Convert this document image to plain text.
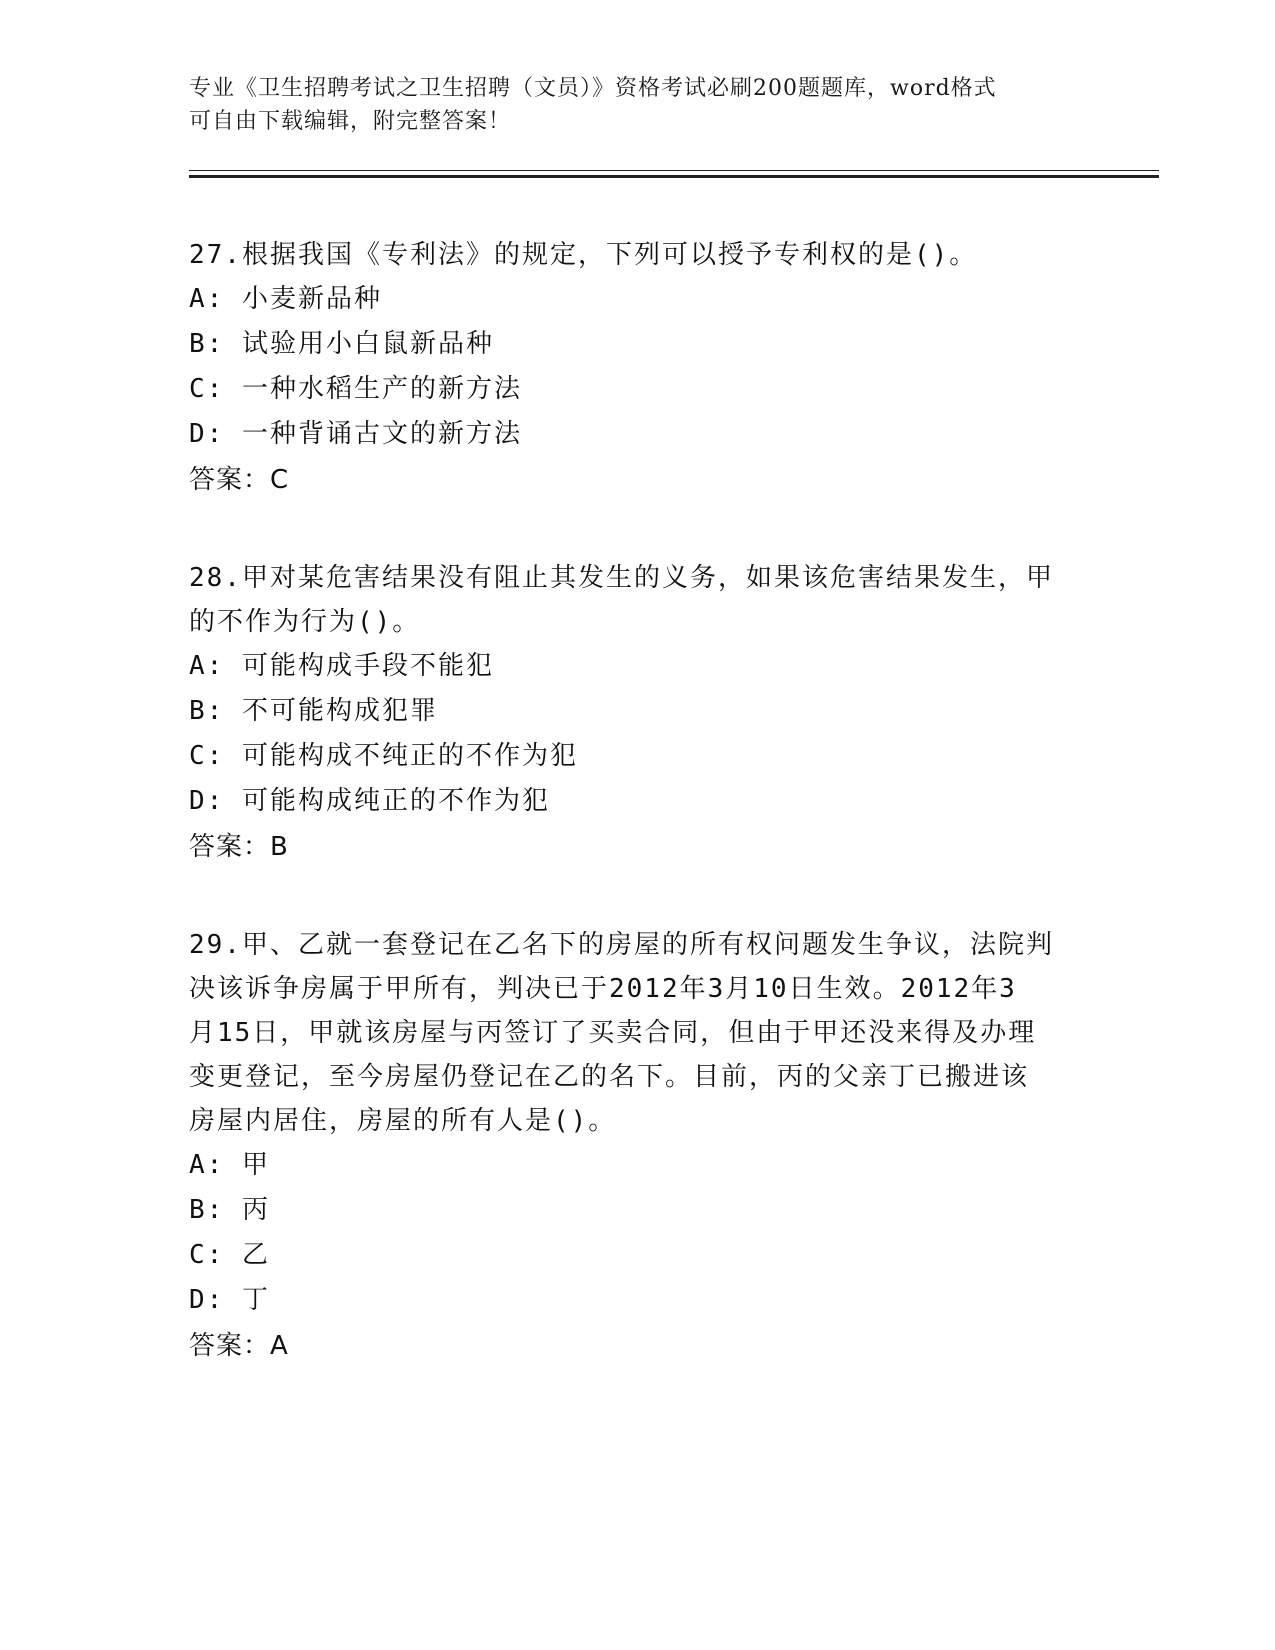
专业《卫生招聘考试之卫生招聘（文员）》资格考试必刷200题题库，word格式
可自由下载编辑，附完整答案！

27.根据我国《专利法》的规定，下列可以授予专利权的是()。

A: 小麦新品种

B: 试验用小白鼠新品种

C: 一种水稻生产的新方法

D: 一种背诵古文的新方法

答案：C

28.甲对某危害结果没有阻止其发生的义务，如果该危害结果发生，甲

的不作为行为()。

A: 可能构成手段不能犯

B: 不可能构成犯罪

C: 可能构成不纯正的不作为犯

D: 可能构成纯正的不作为犯

答案：B

29.甲、乙就一套登记在乙名下的房屋的所有权问题发生争议，法院判

决该诉争房属于甲所有，判决已于2012年3月10日生效。2012年3

月15日，甲就该房屋与丙签订了买卖合同，但由于甲还没来得及办理

变更登记，至今房屋仍登记在乙的名下。目前，丙的父亲丁已搬进该

房屋内居住，房屋的所有人是()。

A: 甲

B: 丙

C: 乙

D: 丁

答案：A
